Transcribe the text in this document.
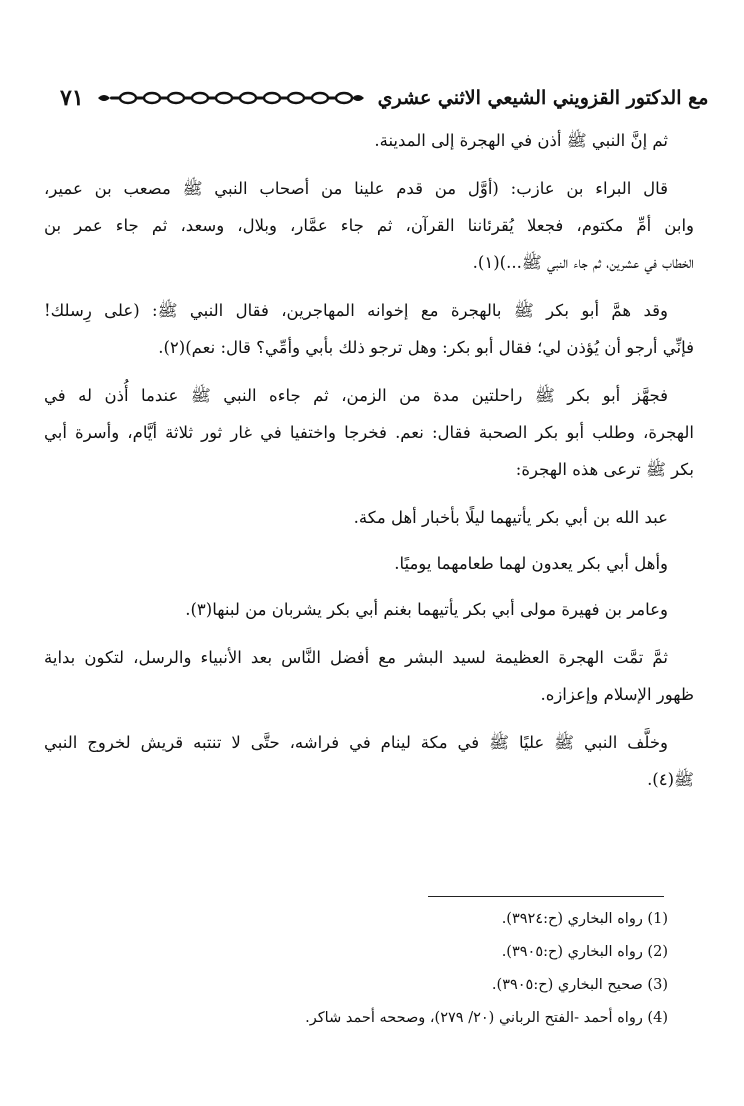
٧١	مع الدكتور القزويني الشيعي الاثني عشري
ثم إنَّ النبي ﷺ أذن في الهجرة إلى المدينة.
قال البراء بن عازب: (أوَّل من قدم علينا من أصحاب النبي ﷺ مصعب بن عمير،
وابن أمِّ مكتوم، فجعلا يُقرئاننا القرآن، ثم جاء عمَّار، وبلال، وسعد، ثم جاء عمر بن
الخطاب في عشرين، ثم جاء النبي ﷺ...)(١).
وقد همَّ أبو بكر ﷺ بالهجرة مع إخوانه المهاجرين، فقال النبي ﷺ: (على رِسلك!
فإنِّي أرجو أن يُؤذن لي؛ فقال أبو بكر: وهل ترجو ذلك بأبي وأمِّي؟ قال: نعم)(٢).
فجهَّز أبو بكر ﷺ راحلتين مدة من الزمن، ثم جاءه النبي ﷺ عندما أُذن له في
الهجرة، وطلب أبو بكر الصحبة فقال: نعم. فخرجا واختفيا في غار ثور ثلاثة أيَّام، وأسرة أبي
بكر ﷺ ترعى هذه الهجرة:
عبد الله بن أبي بكر يأتيهما ليلًا بأخبار أهل مكة.
وأهل أبي بكر يعدون لهما طعامهما يوميًا.
وعامر بن فهيرة مولى أبي بكر يأتيهما بغنم أبي بكر يشربان من لبنها(٣).
ثمَّ تمَّت الهجرة العظيمة لسيد البشر مع أفضل النَّاس بعد الأنبياء والرسل، لتكون بداية
ظهور الإسلام وإعزازه.
وخلَّف النبي ﷺ عليًا ﷺ في مكة لينام في فراشه، حتَّى لا تنتبه قريش لخروج النبي
ﷺ(٤).
(1) رواه البخاري (ح:٣٩٢٤).
(2) رواه البخاري (ح:٣٩٠٥).
(3) صحيح البخاري (ح:٣٩٠٥).
(4) رواه أحمد -الفتح الرباني (٢٠/ ٢٧٩)، وصححه أحمد شاكر.
